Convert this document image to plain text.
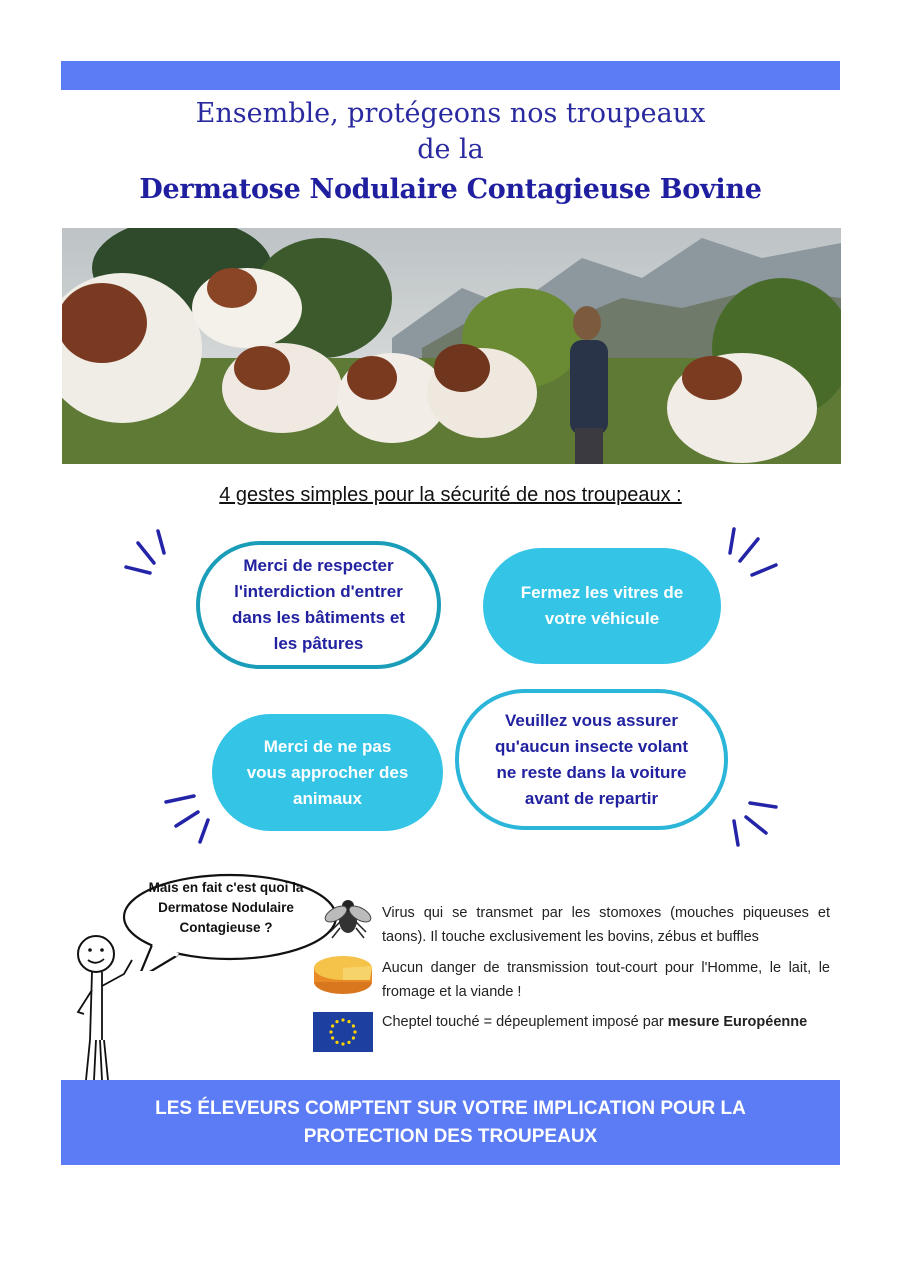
Ensemble, protégeons nos troupeaux
de la
Dermatose Nodulaire Contagieuse Bovine
4 gestes simples pour la sécurité de nos troupeaux :
Merci de respecter l'interdiction d'entrer dans les bâtiments et les pâtures
Fermez les vitres de votre véhicule
Merci de ne pas vous approcher des animaux
Veuillez vous assurer qu'aucun insecte volant ne reste dans la voiture avant de repartir
Mais en fait c'est quoi la Dermatose Nodulaire Contagieuse ?
Virus qui se transmet par les stomoxes (mouches piqueuses et taons). Il touche exclusivement les bovins, zébus et buffles
Aucun danger de transmission tout-court pour l'Homme, le lait, le fromage et la viande !
Cheptel touché = dépeuplement imposé par mesure Européenne
LES ÉLEVEURS COMPTENT SUR VOTRE IMPLICATION POUR LA PROTECTION DES TROUPEAUX
